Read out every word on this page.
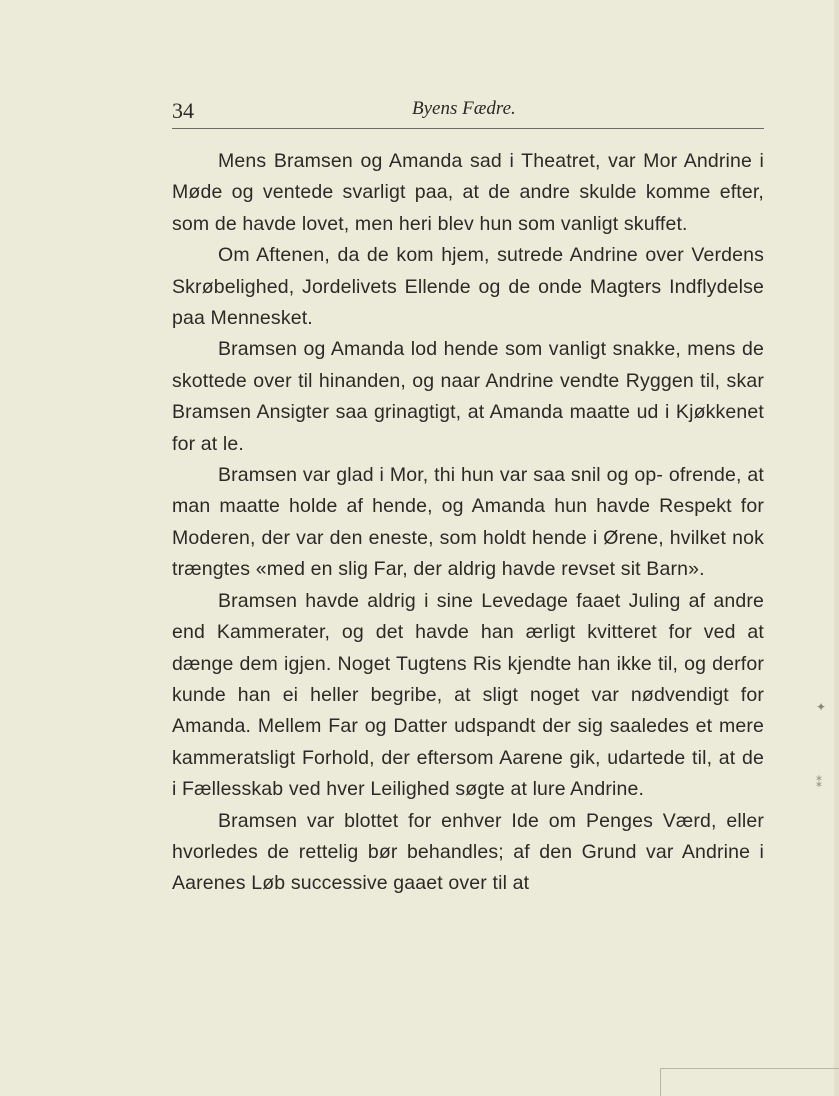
34	Byens Fædre.

Mens Bramsen og Amanda sad i Theatret, var Mor Andrine i Møde og ventede svarligt paa, at de andre skulde komme efter, som de havde lovet, men heri blev hun som vanligt skuffet.

Om Aftenen, da de kom hjem, sutrede Andrine over Verdens Skrøbelighed, Jordelivets Ellende og de onde Magters Indflydelse paa Mennesket.

Bramsen og Amanda lod hende som vanligt snakke, mens de skottede over til hinanden, og naar Andrine vendte Ryggen til, skar Bramsen Ansigter saa grinagtigt, at Amanda maatte ud i Kjøkkenet for at le.

Bramsen var glad i Mor, thi hun var saa snil og op- ofrende, at man maatte holde af hende, og Amanda hun havde Respekt for Moderen, der var den eneste, som holdt hende i Ørene, hvilket nok trængtes «med en slig Far, der aldrig havde revset sit Barn».

Bramsen havde aldrig i sine Levedage faaet Juling af andre end Kammerater, og det havde han ærligt kvitteret for ved at dænge dem igjen. Noget Tugtens Ris kjendte han ikke til, og derfor kunde han ei heller begribe, at sligt noget var nødvendigt for Amanda. Mellem Far og Datter udspandt der sig saaledes et mere kammeratsligt Forhold, der eftersom Aarene gik, udartede til, at de i Fællesskab ved hver Leilighed søgte at lure Andrine.

Bramsen var blottet for enhver Ide om Penges Værd, eller hvorledes de rettelig bør behandles; af den Grund var Andrine i Aarenes Løb successive gaaet over til at

✦
⁑
